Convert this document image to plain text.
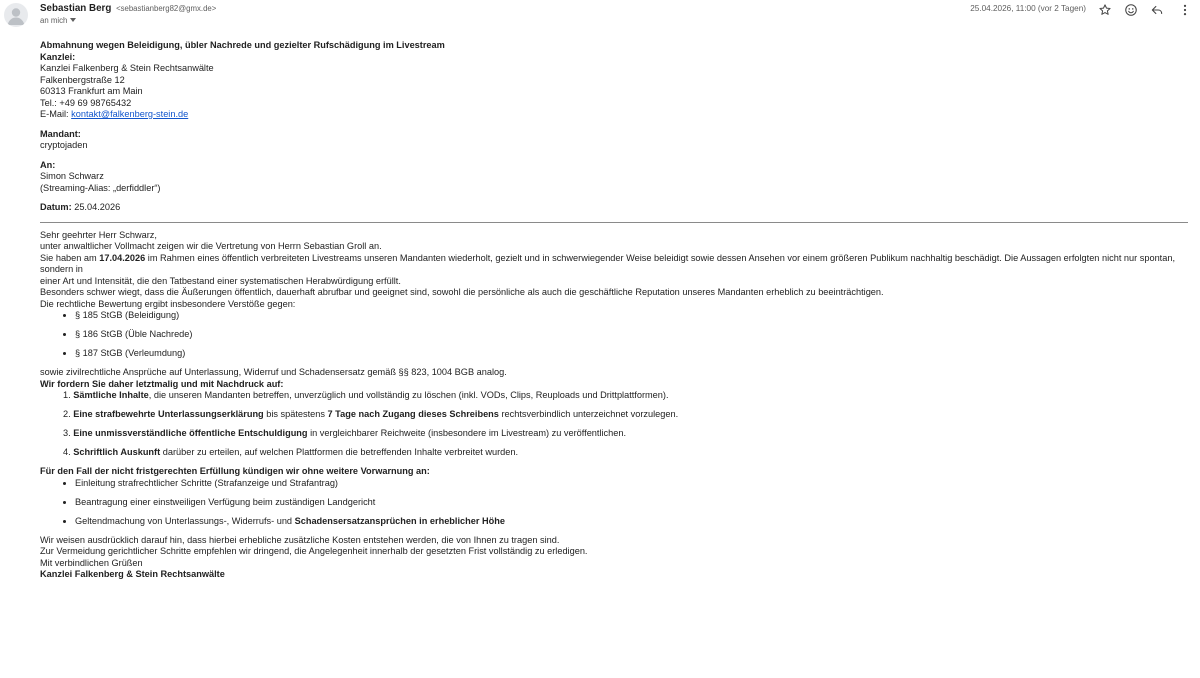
Sebastian Berg <sebastianberg82@gmx.de>
an mich
25.04.2026, 11:00 (vor 2 Tagen)

Abmahnung wegen Beleidigung, übler Nachrede und gezielter Rufschädigung im Livestream

Kanzlei:

Kanzlei Falkenberg & Stein Rechtsanwälte

Falkenbergstraße 12

60313 Frankfurt am Main

Tel.: +49 69 98765432

E-Mail: kontakt@falkenberg-stein.de

Mandant:

cryptojaden

An:

Simon Schwarz

(Streaming-Alias: „derfiddler“)

Datum: 25.04.2026

Sehr geehrter Herr Schwarz,

unter anwaltlicher Vollmacht zeigen wir die Vertretung von Herrn Sebastian Groll an.

Sie haben am 17.04.2026 im Rahmen eines öffentlich verbreiteten Livestreams unseren Mandanten wiederholt, gezielt und in schwerwiegender Weise beleidigt sowie dessen Ansehen vor einem größeren Publikum nachhaltig beschädigt. Die Aussagen erfolgten nicht nur spontan, sondern in
einer Art und Intensität, die den Tatbestand einer systematischen Herabwürdigung erfüllt.

Besonders schwer wiegt, dass die Äußerungen öffentlich, dauerhaft abrufbar und geeignet sind, sowohl die persönliche als auch die geschäftliche Reputation unseres Mandanten erheblich zu beeinträchtigen.

Die rechtliche Bewertung ergibt insbesondere Verstöße gegen:

§ 185 StGB (Beleidigung)
§ 186 StGB (Üble Nachrede)
§ 187 StGB (Verleumdung)

sowie zivilrechtliche Ansprüche auf Unterlassung, Widerruf und Schadensersatz gemäß §§ 823, 1004 BGB analog.

Wir fordern Sie daher letztmalig und mit Nachdruck auf:

1. Sämtliche Inhalte, die unseren Mandanten betreffen, unverzüglich und vollständig zu löschen (inkl. VODs, Clips, Reuploads und Drittplattformen).
2. Eine strafbewehrte Unterlassungserklärung bis spätestens 7 Tage nach Zugang dieses Schreibens rechtsverbindlich unterzeichnet vorzulegen.
3. Eine unmissverständliche öffentliche Entschuldigung in vergleichbarer Reichweite (insbesondere im Livestream) zu veröffentlichen.
4. Schriftlich Auskunft darüber zu erteilen, auf welchen Plattformen die betreffenden Inhalte verbreitet wurden.

Für den Fall der nicht fristgerechten Erfüllung kündigen wir ohne weitere Vorwarnung an:

Einleitung strafrechtlicher Schritte (Strafanzeige und Strafantrag)
Beantragung einer einstweiligen Verfügung beim zuständigen Landgericht
Geltendmachung von Unterlassungs-, Widerrufs- und Schadensersatzansprüchen in erheblicher Höhe

Wir weisen ausdrücklich darauf hin, dass hierbei erhebliche zusätzliche Kosten entstehen werden, die von Ihnen zu tragen sind.

Zur Vermeidung gerichtlicher Schritte empfehlen wir dringend, die Angelegenheit innerhalb der gesetzten Frist vollständig zu erledigen.

Mit verbindlichen Grüßen

Kanzlei Falkenberg & Stein Rechtsanwälte
